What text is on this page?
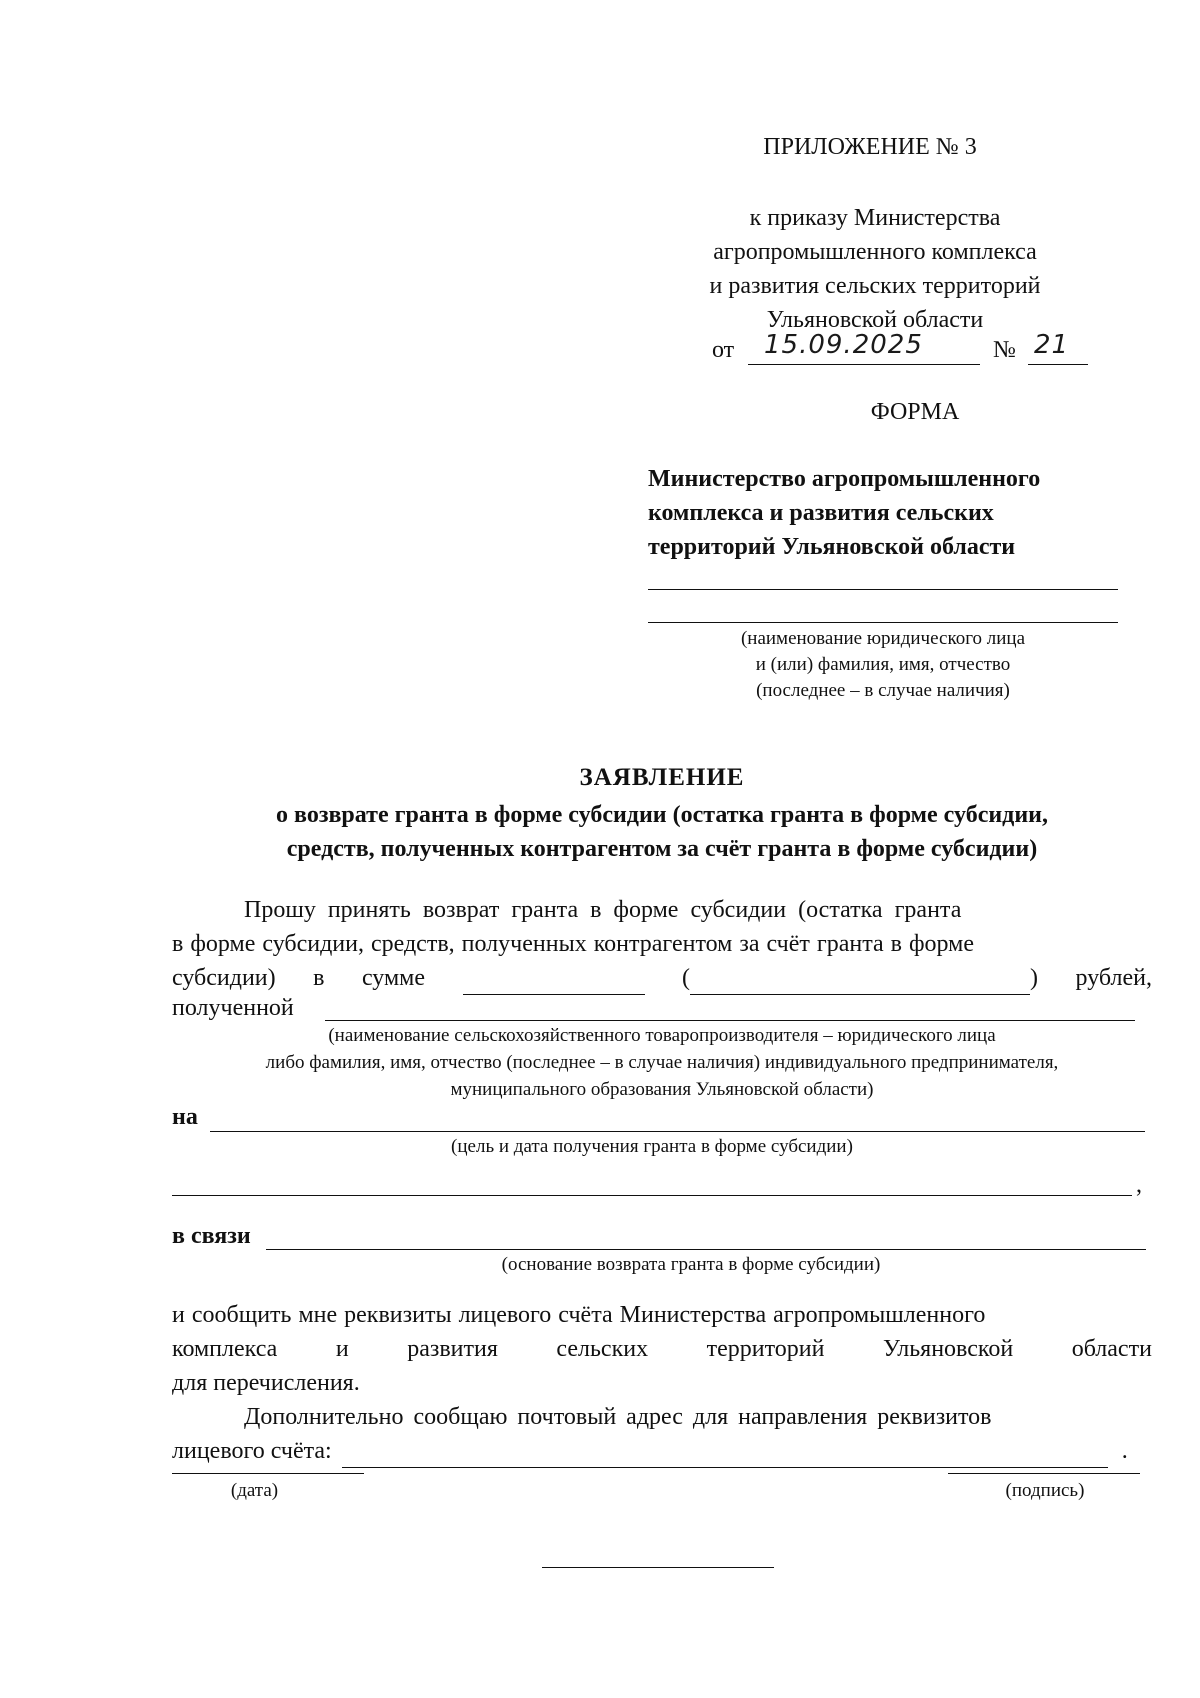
ПРИЛОЖЕНИЕ № 3
к приказу Министерства
агропромышленного комплекса
и развития сельских территорий
Ульяновской области
от 15.09.2025	№ 21
ФОРМА
Министерство агропромышленного
комплекса и развития сельских
территорий Ульяновской области
(наименование юридического лица
и (или) фамилия, имя, отчество
(последнее – в случае наличия)
ЗАЯВЛЕНИЕ
о возврате гранта в форме субсидии (остатка гранта в форме субсидии,
средств, полученных контрагентом за счёт гранта в форме субсидии)
Прошу принять возврат гранта в форме субсидии (остатка гранта
в форме субсидии, средств, полученных контрагентом за счёт гранта в форме
субсидии) в сумме	(	) рублей,
полученной
(наименование сельскохозяйственного товаропроизводителя – юридического лица
либо фамилия, имя, отчество (последнее – в случае наличия) индивидуального предпринимателя,
муниципального образования Ульяновской области)
на
(цель и дата получения гранта в форме субсидии)
,
в связи
(основание возврата гранта в форме субсидии)
и сообщить мне реквизиты лицевого счёта Министерства агропромышленного
комплекса и развития сельских территорий Ульяновской области
для перечисления.
Дополнительно сообщаю почтовый адрес для направления реквизитов
лицевого счёта:	.
(дата)	(подпись)
